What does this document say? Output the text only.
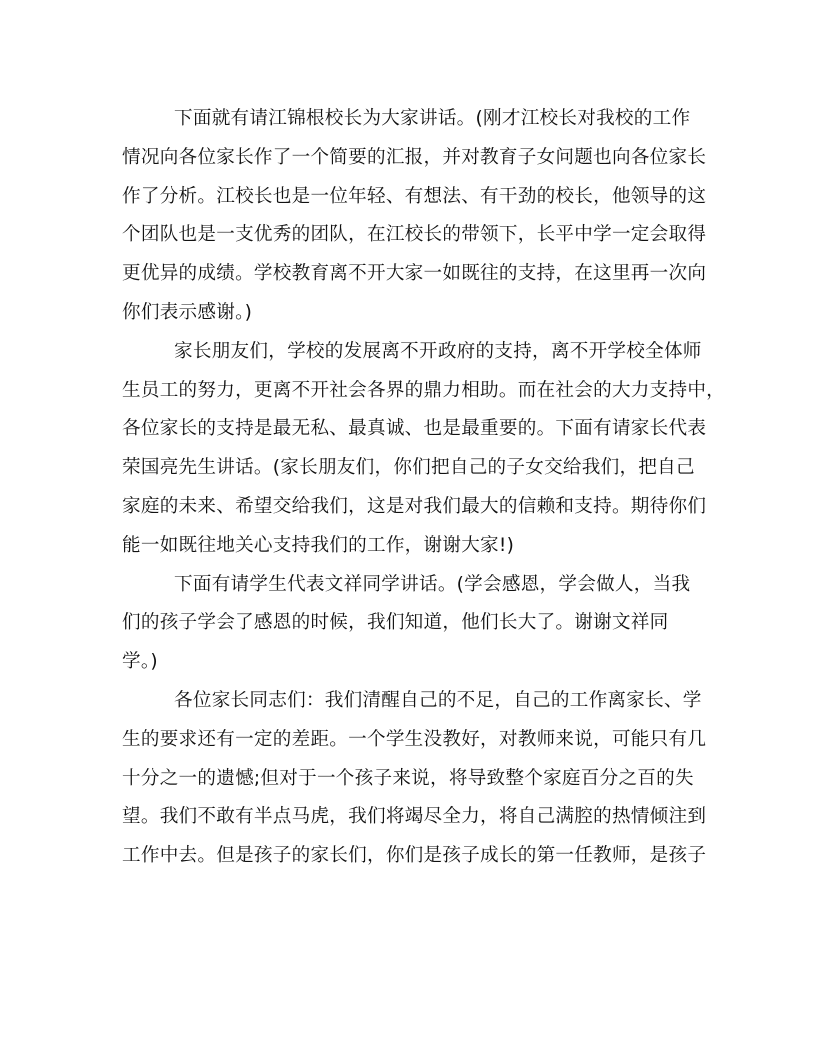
下面就有请江锦根校长为大家讲话。(刚才江校长对我校的工作
情况向各位家长作了一个简要的汇报，并对教育子女问题也向各位家长
作了分析。江校长也是一位年轻、有想法、有干劲的校长，他领导的这
个团队也是一支优秀的团队，在江校长的带领下，长平中学一定会取得
更优异的成绩。学校教育离不开大家一如既往的支持，在这里再一次向
你们表示感谢。)

家长朋友们，学校的发展离不开政府的支持，离不开学校全体师
生员工的努力，更离不开社会各界的鼎力相助。而在社会的大力支持中，
各位家长的支持是最无私、最真诚、也是最重要的。下面有请家长代表
荣国亮先生讲话。(家长朋友们，你们把自己的子女交给我们，把自己
家庭的未来、希望交给我们，这是对我们最大的信赖和支持。期待你们
能一如既往地关心支持我们的工作，谢谢大家!)

下面有请学生代表文祥同学讲话。(学会感恩，学会做人，当我
们的孩子学会了感恩的时候，我们知道，他们长大了。谢谢文祥同
学。)

各位家长同志们：我们清醒自己的不足，自己的工作离家长、学
生的要求还有一定的差距。一个学生没教好，对教师来说，可能只有几
十分之一的遗憾;但对于一个孩子来说，将导致整个家庭百分之百的失
望。我们不敢有半点马虎，我们将竭尽全力，将自己满腔的热情倾注到
工作中去。但是孩子的家长们，你们是孩子成长的第一任教师，是孩子
